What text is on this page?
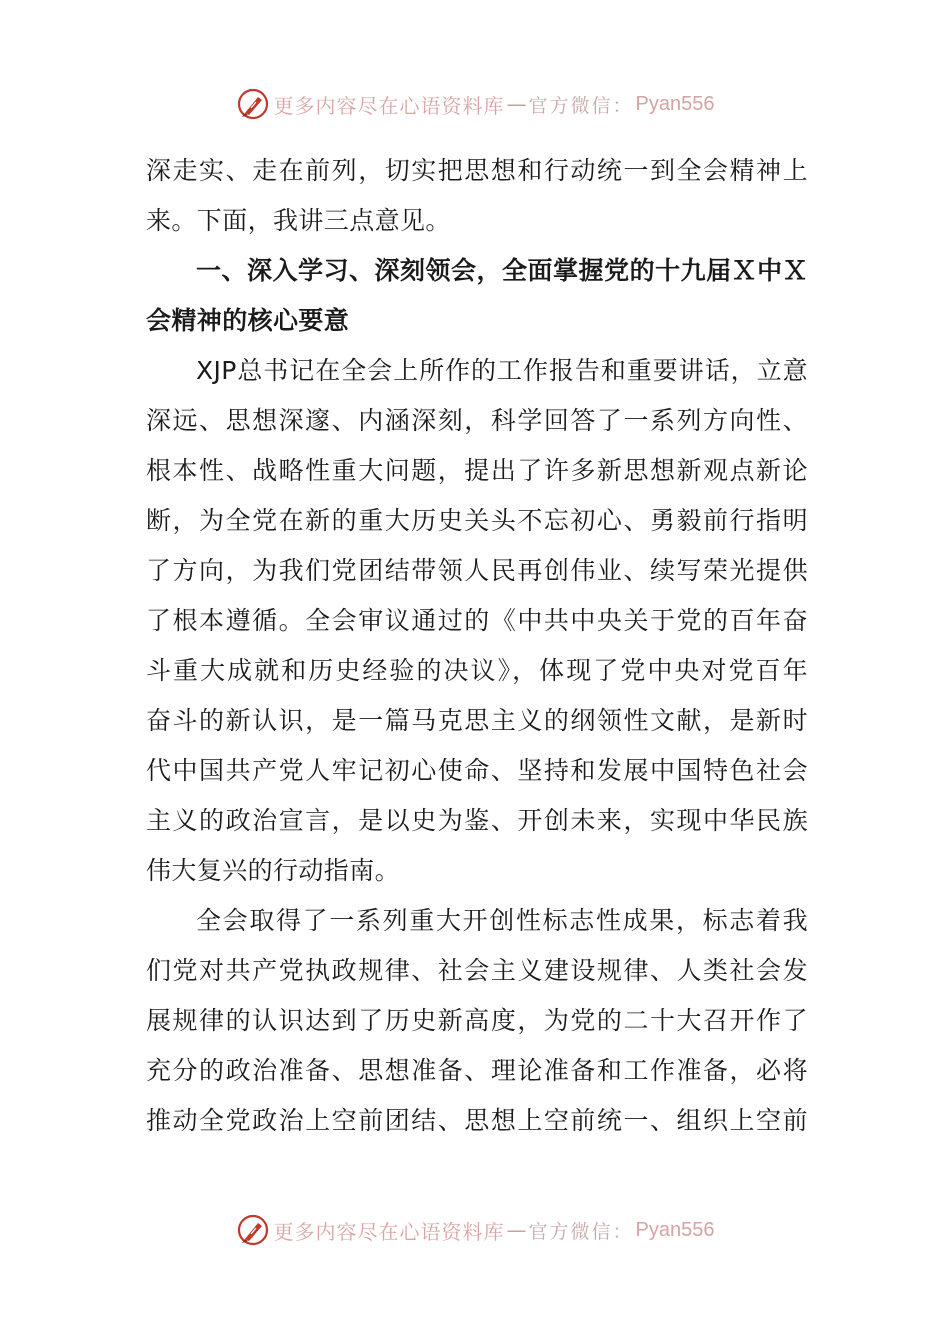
更多内容尽在心语资料库 — 官方微信： Pyan556
深走实、走在前列，切实把思想和行动统一到全会精神上
来。下面，我讲三点意见。
一、深入学习、深刻领会，全面掌握党的十九届Ｘ中Ｘ
会精神的核心要意
XJP总书记在全会上所作的工作报告和重要讲话，立意
深远、思想深邃、内涵深刻，科学回答了一系列方向性、
根本性、战略性重大问题，提出了许多新思想新观点新论
断，为全党在新的重大历史关头不忘初心、勇毅前行指明
了方向，为我们党团结带领人民再创伟业、续写荣光提供
了根本遵循。全会审议通过的《中共中央关于党的百年奋
斗重大成就和历史经验的决议》，体现了党中央对党百年
奋斗的新认识，是一篇马克思主义的纲领性文献，是新时
代中国共产党人牢记初心使命、坚持和发展中国特色社会
主义的政治宣言，是以史为鉴、开创未来，实现中华民族
伟大复兴的行动指南。
全会取得了一系列重大开创性标志性成果，标志着我
们党对共产党执政规律、社会主义建设规律、人类社会发
展规律的认识达到了历史新高度，为党的二十大召开作了
充分的政治准备、思想准备、理论准备和工作准备，必将
推动全党政治上空前团结、思想上空前统一、组织上空前
更多内容尽在心语资料库 — 官方微信： Pyan556
